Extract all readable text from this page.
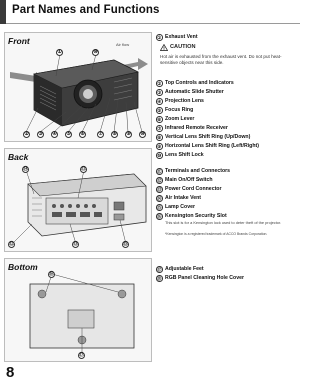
Part Names and Functions
Front	Air flow
①	⑩
② ③ ④ ⑤ ⑥	⑦ ⑧ ⑨ ⑩
Back
⑭	⑪
⑫	⑬	⑮
Bottom
⑯
⑰
CAUTION
Hot air is exhausted from the exhaust vent. Do not put heat-sensitive objects near this side.
① Exhaust Vent
② Top Controls and Indicators
③ Automatic Slide Shutter
④ Projection Lens
⑤ Focus Ring
⑥ Zoom Lever
⑦ Infrared Remote Receiver
⑧ Vertical Lens Shift Ring (Up/Down)
⑨ Horizontal Lens Shift Ring (Left/Right)
⑩ Lens Shift Lock
⑪ Terminals and Connectors
⑫ Main On/Off Switch
⑬ Power Cord Connector
⑭ Air Intake Vent
⑮ Lamp Cover
⑯ Kensington Security Slot
⑰ Adjustable Feet
⑱ RGB Panel Cleaning Hole Cover
This slot is for a Kensington lock used to deter theft of the projector.
*Kensington is a registered trademark of ACCO Brands Corporation.
8
